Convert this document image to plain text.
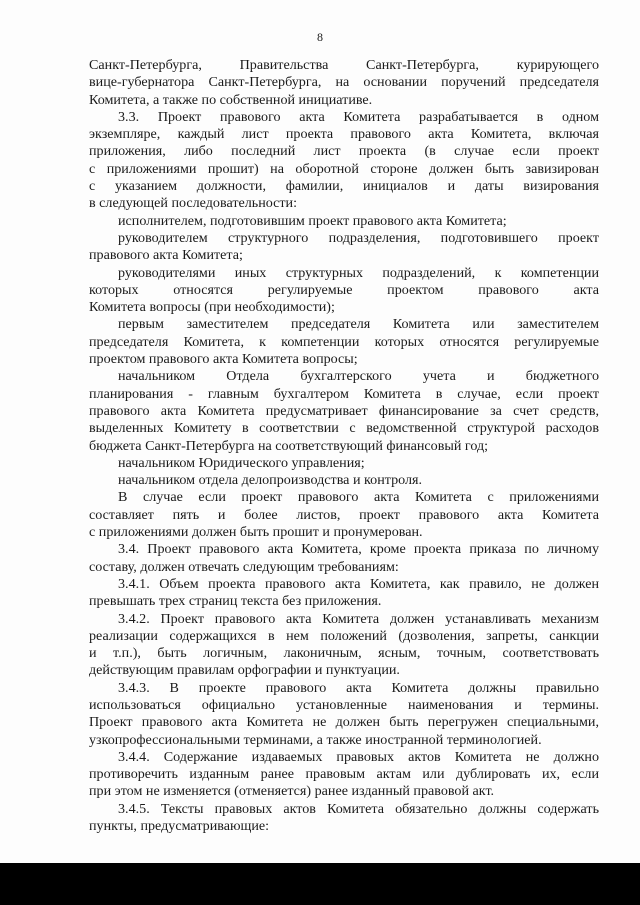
8
Санкт-Петербурга, Правительства Санкт-Петербурга, курирующего
вице-губернатора Санкт-Петербурга, на основании поручений председателя
Комитета, а также по собственной инициативе.
3.3. Проект правового акта Комитета разрабатывается в одном
экземпляре, каждый лист проекта правового акта Комитета, включая
приложения, либо последний лист проекта (в случае если проект
с приложениями прошит) на оборотной стороне должен быть завизирован
с указанием должности, фамилии, инициалов и даты визирования
в следующей последовательности:
исполнителем, подготовившим проект правового акта Комитета;
руководителем структурного подразделения, подготовившего проект
правового акта Комитета;
руководителями иных структурных подразделений, к компетенции
которых относятся регулируемые проектом правового акта
Комитета вопросы (при необходимости);
первым заместителем председателя Комитета или заместителем
председателя Комитета, к компетенции которых относятся регулируемые
проектом правового акта Комитета вопросы;
начальником Отдела бухгалтерского учета и бюджетного
планирования - главным бухгалтером Комитета в случае, если проект
правового акта Комитета предусматривает финансирование за счет средств,
выделенных Комитету в соответствии с ведомственной структурой расходов
бюджета Санкт-Петербурга на соответствующий финансовый год;
начальником Юридического управления;
начальником отдела делопроизводства и контроля.
В случае если проект правового акта Комитета с приложениями
составляет пять и более листов, проект правового акта Комитета
с приложениями должен быть прошит и пронумерован.
3.4. Проект правового акта Комитета, кроме проекта приказа по личному
составу, должен отвечать следующим требованиям:
3.4.1. Объем проекта правового акта Комитета, как правило, не должен
превышать трех страниц текста без приложения.
3.4.2. Проект правового акта Комитета должен устанавливать механизм
реализации содержащихся в нем положений (дозволения, запреты, санкции
и т.п.), быть логичным, лаконичным, ясным, точным, соответствовать
действующим правилам орфографии и пунктуации.
3.4.3. В проекте правового акта Комитета должны правильно
использоваться официально установленные наименования и термины.
Проект правового акта Комитета не должен быть перегружен специальными,
узкопрофессиональными терминами, а также иностранной терминологией.
3.4.4. Содержание издаваемых правовых актов Комитета не должно
противоречить изданным ранее правовым актам или дублировать их, если
при этом не изменяется (отменяется) ранее изданный правовой акт.
3.4.5. Тексты правовых актов Комитета обязательно должны содержать
пункты, предусматривающие:
